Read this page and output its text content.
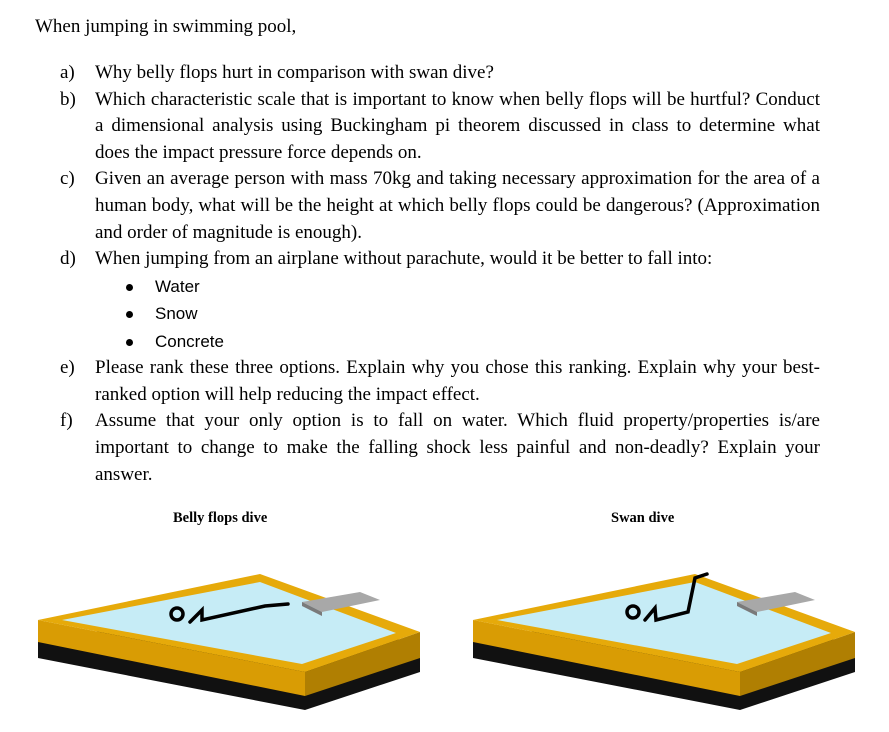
When jumping in swimming pool,

a) Why belly flops hurt in comparison with swan dive?
b) Which characteristic scale that is important to know when belly flops will be hurtful? Conduct a dimensional analysis using Buckingham pi theorem discussed in class to determine what does the impact pressure force depends on.
c) Given an average person with mass 70kg and taking necessary approximation for the area of a human body, what will be the height at which belly flops could be dangerous? (Approximation and order of magnitude is enough).
d) When jumping from an airplane without parachute, would it be better to fall into:
Water
Snow
Concrete
e) Please rank these three options. Explain why you chose this ranking. Explain why your best-ranked option will help reducing the impact effect.
f) Assume that your only option is to fall on water. Which fluid property/properties is/are important to change to make the falling shock less painful and non-deadly? Explain your answer.
Belly flops dive	Swan dive
